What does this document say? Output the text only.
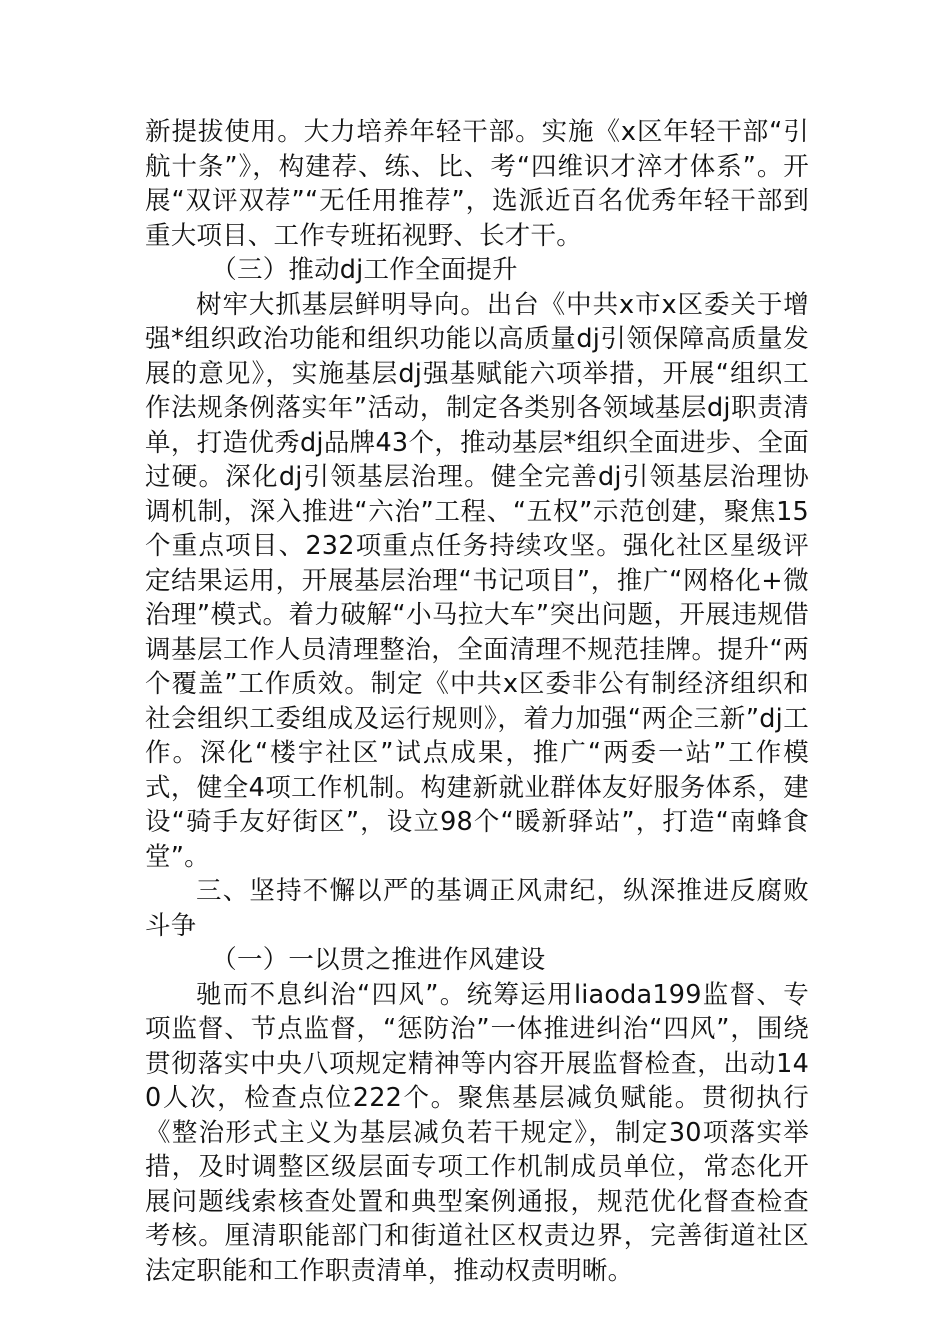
新提拔使用。大力培养年轻干部。实施《x区年轻干部“引航十条”》，构建荐、练、比、考“四维识才淬才体系”。开展“双评双荐”“无任用推荐”，选派近百名优秀年轻干部到重大项目、工作专班拓视野、长才干。

（三）推动dj工作全面提升

树牢大抓基层鲜明导向。出台《中共x市x区委关于增强*组织政治功能和组织功能以高质量dj引领保障高质量发展的意见》，实施基层dj强基赋能六项举措，开展“组织工作法规条例落实年”活动，制定各类别各领域基层dj职责清单，打造优秀dj品牌43个，推动基层*组织全面进步、全面过硬。深化dj引领基层治理。健全完善dj引领基层治理协调机制，深入推进“六治”工程、“五权”示范创建，聚焦15个重点项目、232项重点任务持续攻坚。强化社区星级评定结果运用，开展基层治理“书记项目”，推广“网格化+微治理”模式。着力破解“小马拉大车”突出问题，开展违规借调基层工作人员清理整治，全面清理不规范挂牌。提升“两个覆盖”工作质效。制定《中共x区委非公有制经济组织和社会组织工委组成及运行规则》，着力加强“两企三新”dj工作。深化“楼宇社区”试点成果，推广“两委一站”工作模式，健全4项工作机制。构建新就业群体友好服务体系，建设“骑手友好街区”，设立98个“暖新驿站”，打造“南蜂食堂”。

三、坚持不懈以严的基调正风肃纪，纵深推进反腐败斗争

（一）一以贯之推进作风建设

驰而不息纠治“四风”。统筹运用liaoda199监督、专项监督、节点监督，“惩防治”一体推进纠治“四风”，围绕贯彻落实中央八项规定精神等内容开展监督检查，出动140人次，检查点位222个。聚焦基层减负赋能。贯彻执行《整治形式主义为基层减负若干规定》，制定30项落实举措，及时调整区级层面专项工作机制成员单位，常态化开展问题线索核查处置和典型案例通报，规范优化督查检查考核。厘清职能部门和街道社区权责边界，完善街道社区法定职能和工作职责清单，推动权责明晰。
